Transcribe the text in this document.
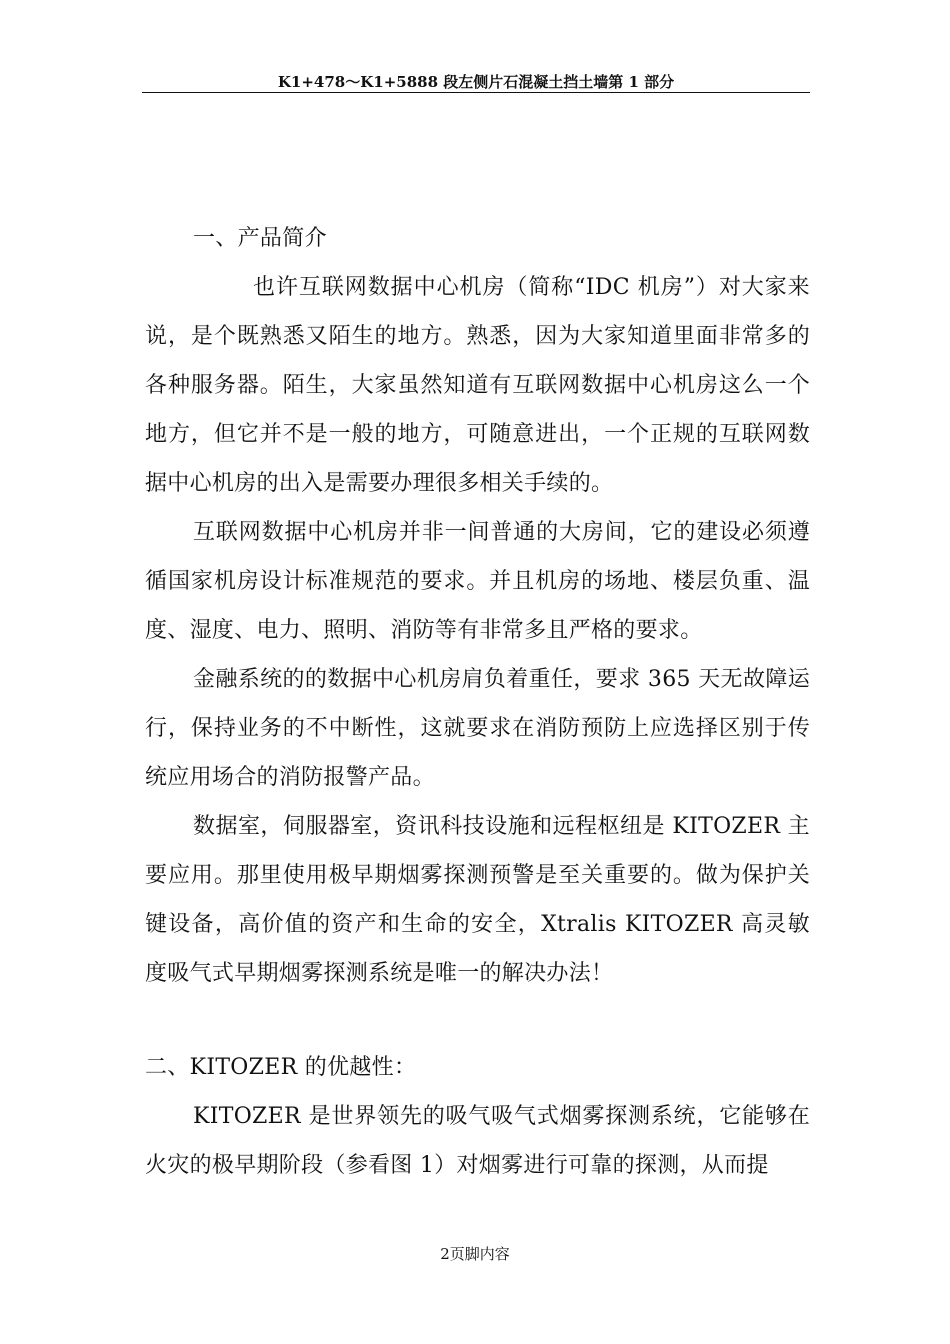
K1+478～K1+5888 段左侧片石混凝土挡土墙第 1 部分

一、产品简介

也许互联网数据中心机房（简称“IDC 机房”）对大家来说，是个既熟悉又陌生的地方。熟悉，因为大家知道里面非常多的各种服务器。陌生，大家虽然知道有互联网数据中心机房这么一个地方，但它并不是一般的地方，可随意进出，一个正规的互联网数据中心机房的出入是需要办理很多相关手续的。

互联网数据中心机房并非一间普通的大房间，它的建设必须遵循国家机房设计标准规范的要求。并且机房的场地、楼层负重、温度、湿度、电力、照明、消防等有非常多且严格的要求。

金融系统的的数据中心机房肩负着重任，要求 365 天无故障运行，保持业务的不中断性，这就要求在消防预防上应选择区别于传统应用场合的消防报警产品。

数据室，伺服器室，资讯科技设施和远程枢纽是 KITOZER 主要应用。那里使用极早期烟雾探测预警是至关重要的。做为保护关键设备，高价值的资产和生命的安全，Xtralis KITOZER 高灵敏度吸气式早期烟雾探测系统是唯一的解决办法！

二、KITOZER 的优越性：

KITOZER 是世界领先的吸气吸气式烟雾探测系统，它能够在火灾的极早期阶段（参看图 1）对烟雾进行可靠的探测，从而提

2页脚内容
